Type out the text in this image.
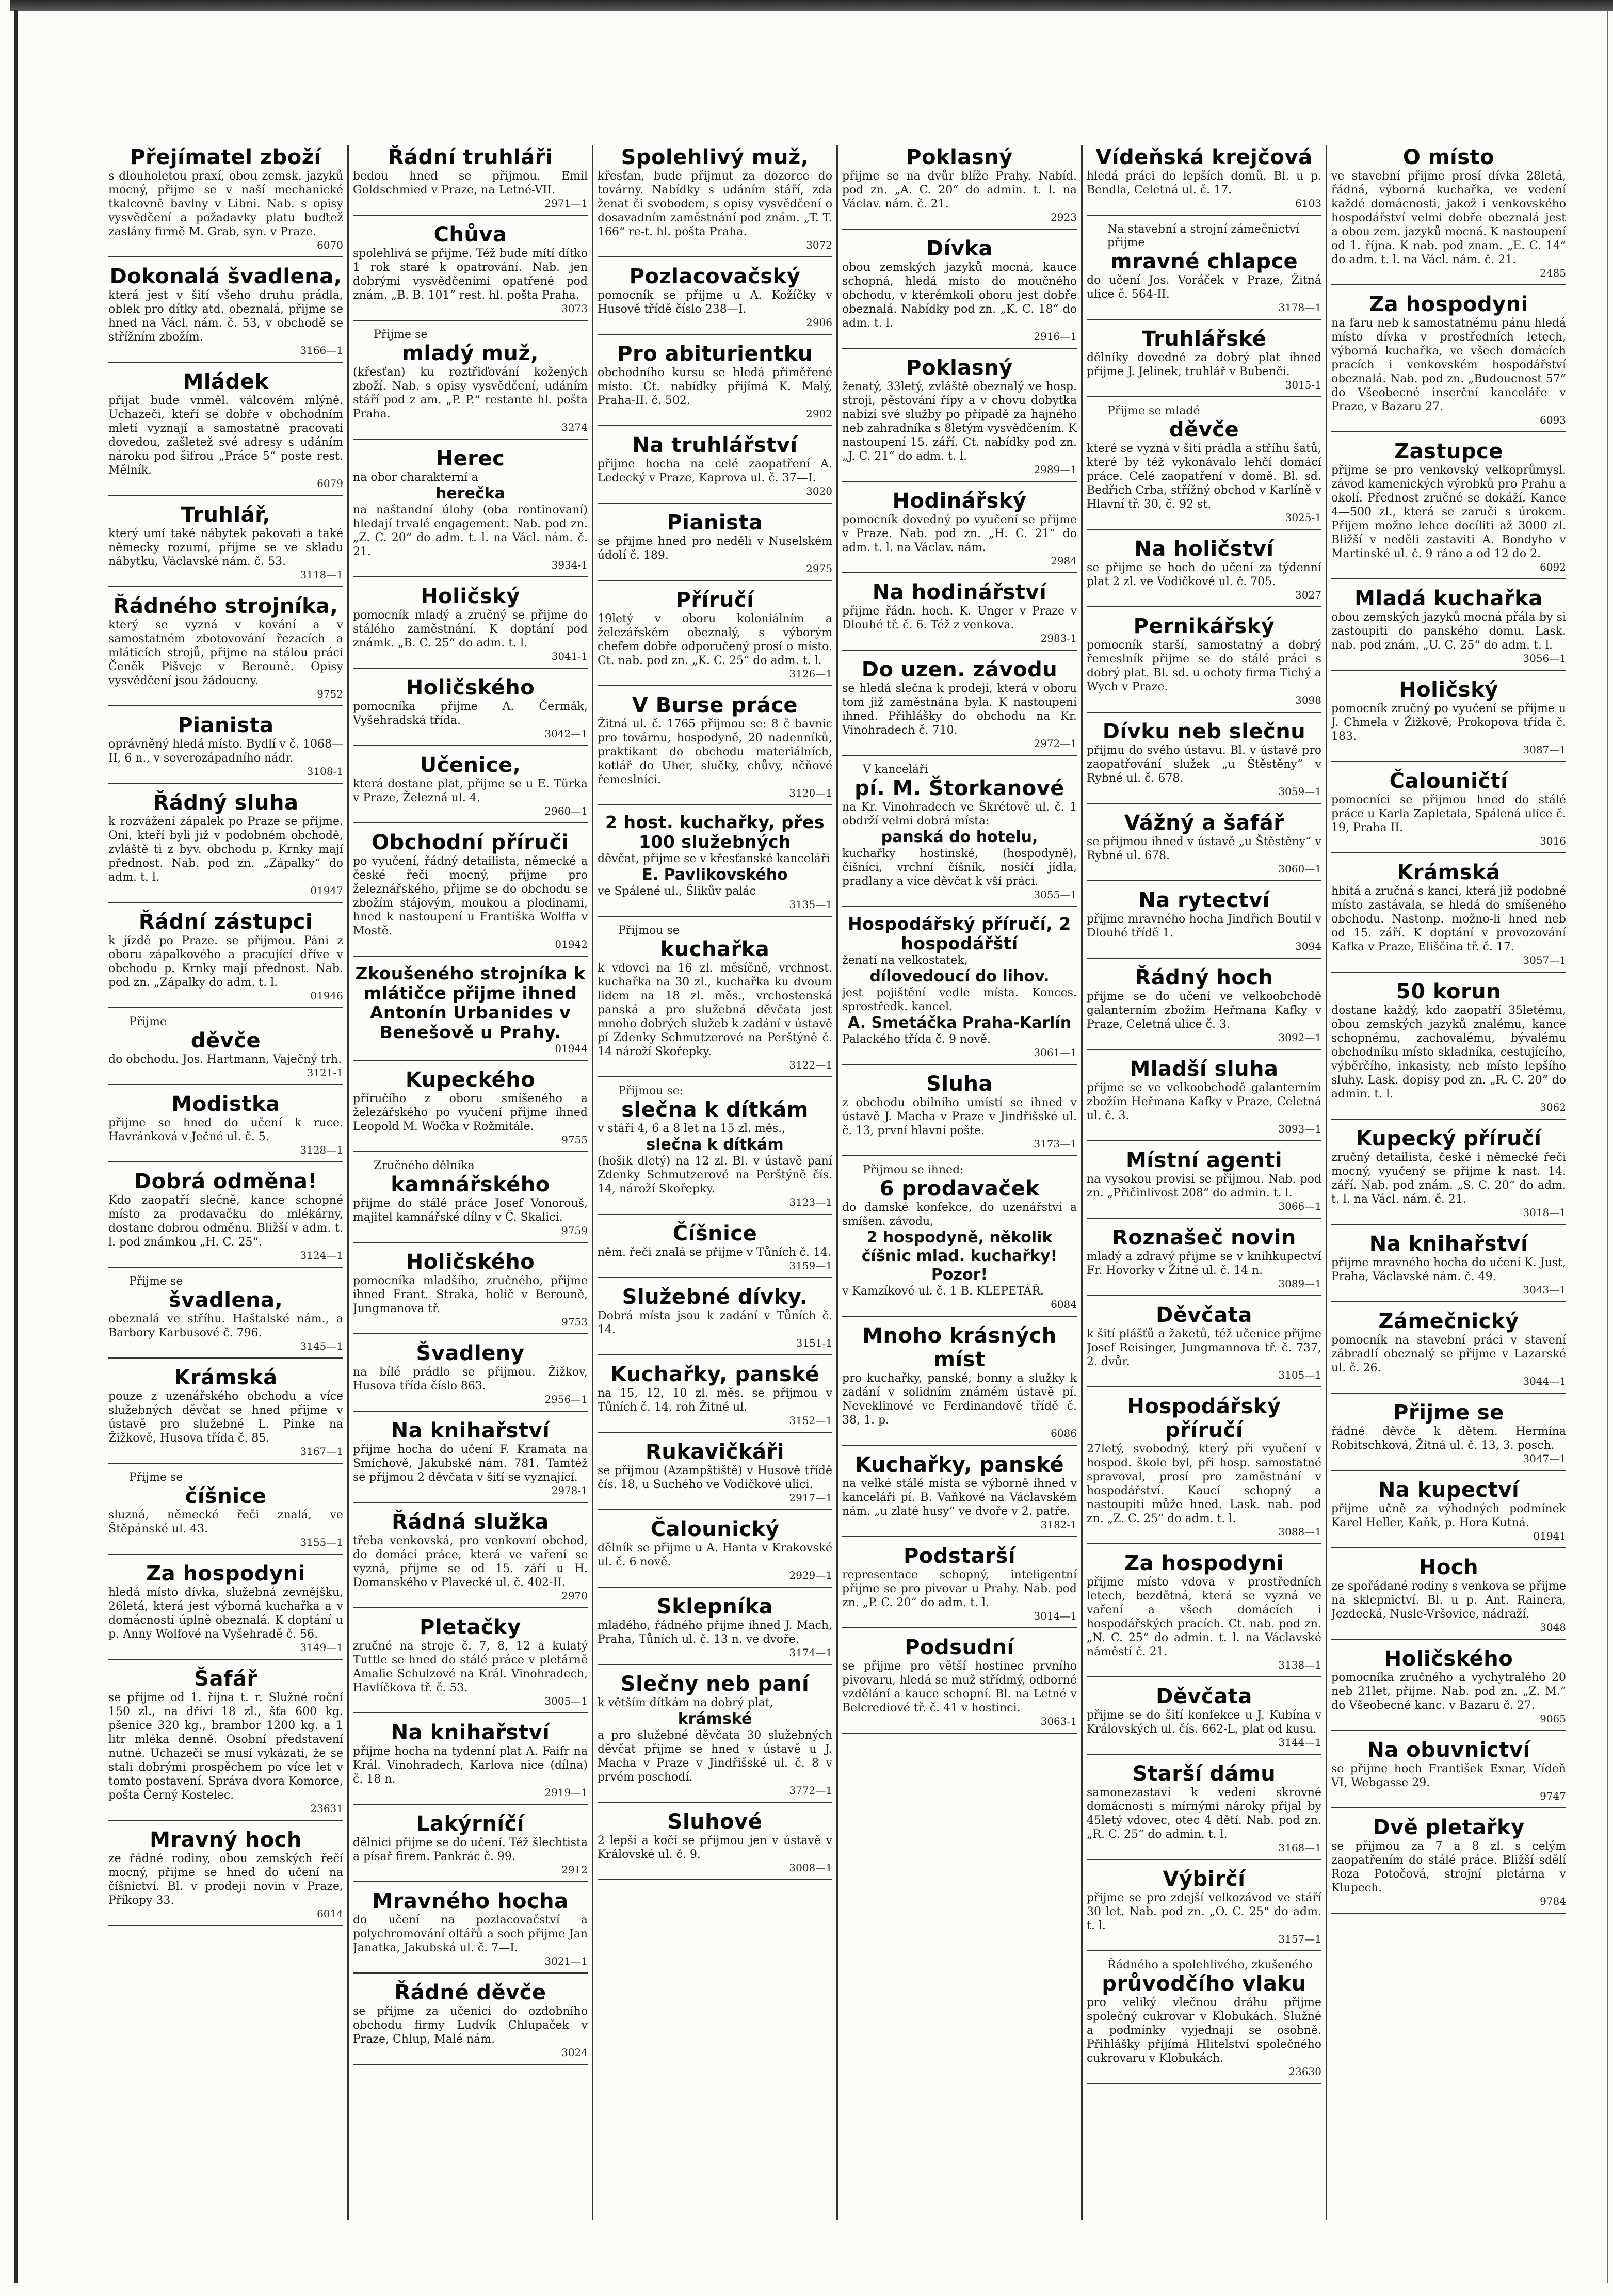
Přejímatel zboží
s dlouholetou praxí, obou zemsk. jazyků mocný, přijme se v naší mechanické tkalcovně bavlny v Libni. Nab. s opisy vysvědčení a požadavky platu buďtež zaslány firmě M. Grab, syn. v Praze.
6070
Dokonalá švadlena,
která jest v šití všeho druhu prádla, oblek pro dítky atd. obeznalá, přijme se hned na Václ. nám. č. 53, v obchodě se střížním zbožím.
3166—1
Mládek
přijat bude vnměl. válcovém mlýně. Uchazeči, kteří se dobře v obchodním mletí vyznají a samostatně pracovati dovedou, zašletež své adresy s udáním nároku pod šifrou „Práce 5“ poste rest. Mělník.
6079
Truhlář,
který umí také nábytek pakovati a také německy rozumí, přijme se ve skladu nábytku, Václavské nám. č. 53.
3118—1
Řádného strojníka,
který se vyzná v kování a v samostatném zbotovování řezacích a mláticích strojů, přijme na stálou práci Čeněk Pišvejc v Berouně. Opisy vysvědčení jsou žádoucny.
9752
Pianista
oprávněný hledá místo. Bydlí v č. 1068—II, 6 n., v severozápadního nádr.
3108-1
Řádný sluha
k rozvážení zápalek po Praze se přijme. Oni, kteří byli již v podobném obchodě, zvláště ti z byv. obchodu p. Krnky mají přednost. Nab. pod zn. „Zápalky“ do adm. t. l.
01947
Řádní zástupci
k jízdě po Praze. se přijmou. Páni z oboru zápalkového a pracující dříve v obchodu p. Krnky mají přednost. Nab. pod zn. „Zápalky do adm. t. l.
01946
Přijme
děvče
do obchodu. Jos. Hartmann, Vaječný trh.
3121-1
Modistka
přijme se hned do učení k ruce. Havránková v Ječné ul. č. 5.
3128—1
Dobrá odměna!
Kdo zaopatří slečně, kance schopné místo za prodavačku do mlékárny, dostane dobrou odměnu. Bližší v adm. t. l. pod známkou „H. C. 25“.
3124—1
Přijme se
švadlena,
obeznalá ve stříhu. Haštalské nám., a Barbory Karbusové č. 796.
3145—1
Krámská
pouze z uzenářského obchodu a více služebných děvčat se hned přijme v ústavě pro služebné L. Pinke na Žižkově, Husova třída č. 85.
3167—1
Přijme se
číšnice
sluzná, německé řeči znalá, ve Štěpánské ul. 43.
3155—1
Za hospodyni
hledá místo dívka, služebná zevnějšku, 26letá, která jest výborná kuchařka a v domácnosti úplně obeznalá. K doptání u p. Anny Wolfové na Vyšehradě č. 56.
3149—1
Šafář
se přijme od 1. října t. r. Služné roční 150 zl., na dříví 18 zl., šťa 600 kg. pšenice 320 kg., brambor 1200 kg. a 1 litr mléka denně. Osobní představení nutné. Uchazeči se musí vykázati, že se stali dobrými prospěchem po více let v tomto postavení. Správa dvora Komorce, pošta Černý Kostelec.
23631
Mravný hoch
ze řádné rodiny, obou zemských řečí mocný, přijme se hned do učení na číšnictví. Bl. v prodeji novin v Praze, Příkopy 33.
6014
Řádní truhláři
bedou hned se přijmou. Emil Goldschmied v Praze, na Letné-VII.
2971—1
Chůva
spolehlivá se přijme. Též bude mítí dítko 1 rok staré k opatrování. Nab. jen dobrými vysvědčeními opatřené pod znám. „B. B. 101“ rest. hl. pošta Praha.
3073
Přijme se
mladý muž,
(křesťan) ku roztřiďování kožených zboží. Nab. s opisy vysvědčení, udáním stáří pod z am. „P. P.“ restante hl. pošta Praha.
3274
Herec
na obor charakterní a
herečka
na naštandní úlohy (oba rontinovaní) hledají trvalé engagement. Nab. pod zn. „Z. C. 20“ do adm. t. l. na Václ. nám. č. 21.
3934-1
Holičský
pomocník mladý a zručný se přijme do stálého zaměstnání. K doptání pod známk. „B. C. 25“ do adm. t. l.
3041-1
Holičského
pomocníka přijme A. Čermák, Vyšehradská třída.
3042—1
Učenice,
která dostane plat, přijme se u E. Türka v Praze, Železná ul. 4.
2960—1
Obchodní příruči
po vyučení, řádný detailista, německé a české řeči mocný, přijme pro železnářského, přijme se do obchodu se zbožím stájovým, moukou a plodinami, hned k nastoupení u Františka Wolffa v Mostě.
01942
Zkoušeného strojníka k mlátičce přijme ihned Antonín Urbanides v Benešově u Prahy.
01944
Kupeckého
příručího z oboru smíšeného a železářského po vyučení přijme ihned Leopold M. Wočka v Rožmitále.
9755
Zručného dělníka
kamnářského
přijme do stálé práce Josef Vonorouš, majitel kamnářské dílny v Č. Skalici.
9759
Holičského
pomocníka mladšího, zručného, přijme ihned Frant. Straka, holič v Berouně, Jungmanova tř.
9753
Švadleny
na bílé prádlo se přijmou. Žižkov, Husova třída číslo 863.
2956—1
Na knihařství
přijme hocha do učení F. Kramata na Smíchově, Jakubské nám. 781. Tamtéž se přijmou 2 děvčata v šití se vyznající.
2978-1
Řádná služka
třeba venkovská, pro venkovní obchod, do domácí práce, která ve vaření se vyzná, přijme se od 15. září u H. Domanského v Plavecké ul. č. 402-II.
2970
Pletačky
zručné na stroje č. 7, 8, 12 a kulatý Tuttle se hned do stálé práce v pletárně Amalie Schulzové na Král. Vinohradech, Havlíčkova tř. č. 53.
3005—1
Na knihařství
přijme hocha na tydenní plat A. Faifr na Král. Vinohradech, Karlova nice (dílna) č. 18 n.
2919—1
Lakýrníčí
dělnici přijme se do učení. Též šlechtista a písař firem. Pankrác č. 99.
2912
Mravného hocha
do učení na pozlacovačství a polychromování oltářů a soch přijme Jan Janatka, Jakubská ul. č. 7—I.
3021—1
Řádné děvče
se přijme za učenici do ozdobního obchodu firmy Ludvík Chlupaček v Praze, Chlup, Malé nám.
3024
Spolehlivý muž,
křesťan, bude přijmut za dozorce do továrny. Nabídky s udáním stáří, zda ženat či svobodem, s opisy vysvědčení o dosavadním zaměstnání pod znám. „T. T. 166“ re-t. hl. pošta Praha.
3072
Pozlacovačský
pomocník se přijme u A. Kožíčky v Husově třídě číslo 238—I.
2906
Pro abiturientku
obchodního kursu se hledá přiměřené místo. Ct. nabídky přijímá K. Malý, Praha-II. č. 502.
2902
Na truhlářství
přijme hocha na celé zaopatření A. Ledecký v Praze, Kaprova ul. č. 37—I.
3020
Pianista
se přijme hned pro neděli v Nuselském údolí č. 189.
2975
Příručí
19letý v oboru koloniálním a železářském obeznalý, s výborým chefem dobře odporučený prosí o místo. Ct. nab. pod zn. „K. C. 25“ do adm. t. l.
3126—1
V Burse práce
Žitná ul. č. 1765 přijmou se: 8 č bavnic pro továrnu, hospodyně, 20 nadenníků, praktikant do obchodu materiálních, kotlář do Uher, slučky, chůvy, nčňové řemeslníci.
3120—1
2 host. kuchařky, přes 100 služebných
děvčat, přijme se v křesťanské kanceláři
E. Pavlikovského
ve Spálené ul., Šlikův palác
3135—1
Přijmou se
kuchařka
k vdovci na 16 zl. měsíčně, vrchnost. kuchařka na 30 zl., kuchařka ku dvoum lidem na 18 zl. měs., vrchostenská panská a pro služebná děvčata jest mnoho dobrých služeb k zadání v ústavě pí Zdenky Schmutzerové na Perštýně č. 14 nároží Skořepky.
3122—1
Přijmou se:
slečna k dítkám
v stáří 4, 6 a 8 let na 15 zl. měs.,
slečna k dítkám
(hošik dletý) na 12 zl. Bl. v ústavě paní Zdenky Schmutzerové na Perštýně čís. 14, nároží Skořepky.
3123—1
Číšnice
něm. řeči znalá se přijme v Tůních č. 14.
3159—1
Služebné dívky.
Dobrá místa jsou k zadání v Tůních č. 14.
3151-1
Kuchařky, panské
na 15, 12, 10 zl. měs. se přijmou v Tůních č. 14, roh Žitné ul.
3152—1
Rukavičkáři
se přijmou (Azampštiště) v Husově třídě čís. 18, u Suchého ve Vodičkové ulici.
2917—1
Čalounický
dělník se přijme u A. Hanta v Krakovské ul. č. 6 nově.
2929—1
Sklepníka
mladého, řádného přijme ihned J. Mach, Praha, Tůních ul. č. 13 n. ve dvoře.
3174—1
Slečny neb paní
k větším dítkám na dobrý plat,
krámské
a pro služebné děvčata 30 služebných děvčat přijme se hned v ústavě u J. Macha v Praze v Jindřišské ul. č. 8 v prvém poschodí.
3772—1
Sluhové
2 lepší a kočí se přijmou jen v ústavě v Královské ul. č. 9.
3008—1
Poklasný
přijme se na dvůr blíže Prahy. Nabíd. pod zn. „A. C. 20“ do admin. t. l. na Václav. nám. č. 21.
2923
Dívka
obou zemských jazyků mocná, kauce schopná, hledá místo do moučného obchodu, v kterémkoli oboru jest dobře obeznalá. Nabídky pod zn. „K. C. 18“ do adm. t. l.
2916—1
Poklasný
ženatý, 33letý, zvláště obeznalý ve hosp. stroji, pěstování řípy a v chovu dobytka nabízí své služby po případě za hajného neb zahradníka s 8letým vysvědčením. K nastoupení 15. září. Ct. nabídky pod zn. „J. C. 21“ do adm. t. l.
2989—1
Hodinářský
pomocník dovedný po vyučení se přijme v Praze. Nab. pod zn. „H. C. 21“ do adm. t. l. na Václav. nám.
2984
Na hodinářství
přijme řádn. hoch. K. Unger v Praze v Dlouhé tř. č. 6. Též z venkova.
2983-1
Do uzen. závodu
se hledá slečna k prodeji, která v oboru tom již zaměstnána byla. K nastoupení ihned. Přihlášky do obchodu na Kr. Vinohradech č. 710.
2972—1
V kanceláři
pí. M. Štorkanové
na Kr. Vinohradech ve Škrétově ul. č. 1 obdrží velmi dobrá místa:
panská do hotelu,
kuchařky hostinské, (hospodyně), číšníci, vrchní číšník, nosíčí jídla, pradlany a více děvčat k vší práci.
3055—1
Hospodářský příručí, 2 hospodářští
ženatí na velkostatek,
dílovedoucí do lihov.
jest pojištění vedle místa. Konces. sprostředk. kancel.
A. Smetáčka Praha-Karlín
Palackého třída č. 9 nově.
3061—1
Sluha
z obchodu obilního umístí se ihned v ústavě J. Macha v Praze v Jindřišské ul. č. 13, první hlavní pošte.
3173—1
Přijmou se ihned:
6 prodavaček
do damské konfekce, do uzenářství a smíšen. závodu,
2 hospodyně, několik číšnic mlad. kuchařky! Pozor!
v Kamzíkové ul. č. 1 B. KLEPETÁŘ.
6084
Mnoho krásných míst
pro kuchařky, panské, bonny a služky k zadání v solidním známém ústavě pí. Neveklinové ve Ferdinandově třídě č. 38, 1. p.
6086
Kuchařky, panské
na velké stálé místa se výborně ihned v kanceláři pí. B. Vaňkové na Václavském nám. „u zlaté husy“ ve dvoře v 2. patře.
3182-1
Podstarší
representace schopný, inteligentní přijme se pro pivovar u Prahy. Nab. pod zn. „P. C. 20“ do adm. t. l.
3014—1
Podsudní
se přijme pro větší hostinec prvního pivovaru, hledá se muž střídmý, odborné vzdělání a kauce schopní. Bl. na Letné v Belcrediové tř. č. 41 v hostinci.
3063-1
Vídeňská krejčová
hledá práci do lepších domů. Bl. u p. Bendla, Celetná ul. č. 17.
6103
Na stavební a strojní zámečnictví přijme
mravné chlapce
do učení Jos. Voráček v Praze, Žitná ulice č. 564-II.
3178—1
Truhlářské
dělníky dovedné za dobrý plat ihned přijme J. Jelínek, truhlář v Bubenči.
3015-1
Přijme se mladé
děvče
které se vyzná v šití prádla a stříhu šatů, které by též vykonávalo lehčí domácí práce. Celé zaopatření v domě. Bl. sd. Bedřich Crba, střížný obchod v Karlíně v Hlavní tř. 30, č. 92 st.
3025-1
Na holičství
se přijme se hoch do učení za týdenní plat 2 zl. ve Vodičkové ul. č. 705.
3027
Pernikářský
pomocník starší, samostatný a dobrý řemeslník přijme se do stálé práci s dobrý plat. Bl. sd. u ochoty firma Tichý a Wych v Praze.
3098
Dívku neb slečnu
přijmu do svého ústavu. Bl. v ústavě pro zaopatřování služek „u Štěstěny“ v Rybné ul. č. 678.
3059—1
Vážný a šafář
se přijmou ihned v ústavě „u Štěstěny“ v Rybné ul. 678.
3060—1
Na rytectví
přijme mravného hocha Jindřich Boutil v Dlouhé třídě 1.
3094
Řádný hoch
přijme se do učení ve velkoobchodě galanterním zbožím Heřmana Kafky v Praze, Celetná ulice č. 3.
3092—1
Mladší sluha
přijme se ve velkoobchodě galanterním zbožím Heřmana Kafky v Praze, Celetná ul. č. 3.
3093—1
Místní agenti
na vysokou provisi se přijmou. Nab. pod zn. „Přičinlivost 208“ do admin. t. l.
3066—1
Roznašeč novin
mladý a zdravý přijme se v knihkupectví Fr. Hovorky v Žitné ul. č. 14 n.
3089—1
Děvčata
k šití plášťů a žaketů, též učenice přijme Josef Reisinger, Jungmannova tř. č. 737, 2. dvůr.
3105—1
Hospodářský příručí
27letý, svobodný, který při vyučení v hospod. škole byl, při hosp. samostatné spravoval, prosí pro zaměstnání v hospodářství. Kaucí schopný a nastoupiti může hned. Lask. nab. pod zn. „Z. C. 25“ do adm. t. l.
3088—1
Za hospodyni
přijme místo vdova v prostředních letech, bezdětná, která se vyzná ve vaření a všech domácích i hospodářských pracích. Ct. nab. pod zn. „N. C. 25“ do admin. t. l. na Václavské náměstí č. 21.
3138—1
Děvčata
přijme se do šití konfekce u J. Kubína v Královských ul. čís. 662-L, plat od kusu.
3144—1
Starší dámu
samonezastaví k vedení skrovné domácnosti s mírnými nároky přijal by 45letý vdovec, otec 4 dětí. Nab. pod zn. „R. C. 25“ do admin. t. l.
3168—1
Výbirčí
přijme se pro zdejší velkozávod ve stáří 30 let. Nab. pod zn. „O. C. 25“ do adm. t. l.
3157—1
Řádného a spolehlivého, zkušeného
průvodčího vlaku
pro veliký vlečnou dráhu přijme společný cukrovar v Klobukách. Služné a podmínky vyjednají se osobně. Přihlášky přijímá Hlitelství společného cukrovaru v Klobukách.
23630
O místo
ve stavební přijme prosí dívka 28letá, řádná, výborná kuchařka, ve vedení každé domácnosti, jakož i venkovského hospodářství velmi dobře obeznalá jest a obou zem. jazyků mocná. K nastoupení od 1. října. K nab. pod znam. „E. C. 14“ do adm. t. l. na Václ. nám. č. 21.
2485
Za hospodyni
na faru neb k samostatnému pánu hledá místo dívka v prostředních letech, výborná kuchařka, ve všech domácích pracích i venkovském hospodářství obeznalá. Nab. pod zn. „Budoucnost 57“ do Všeobecné inserční kanceláře v Praze, v Bazaru 27.
6093
Zastupce
přijme se pro venkovský velkoprůmysl. závod kamenických výrobků pro Prahu a okolí. Přednost zručné se dokáží. Kance 4—500 zl., která se zaruči s úrokem. Přijem možno lehce docíliti až 3000 zl. Bližší v neděli zastaviti A. Bondyho v Martinské ul. č. 9 ráno a od 12 do 2.
6092
Mladá kuchařka
obou zemských jazyků mocná přála by si zastoupiti do panského domu. Lask. nab. pod znám. „U. C. 25“ do adm. t. l.
3056—1
Holičský
pomocník zručný po vyučení se přijme u J. Chmela v Žižkově, Prokopova třída č. 183.
3087—1
Čalouničtí
pomocníci se přijmou hned do stálé práce u Karla Zapletala, Spálená ulice č. 19, Praha II.
3016
Krámská
hbitá a zručná s kanci, která již podobné místo zastávala, se hledá do smíšeného obchodu. Nastonp. možno-li hned neb od 15. září. K doptání v provozování Kafka v Praze, Eliščina tř. č. 17.
3057—1
50 korun
dostane každý, kdo zaopatří 35letému, obou zemských jazyků znalému, kance schopnému, zachovalému, bývalému obchodníku místo skladníka, cestujícího, výběrčího, inkasisty, neb místo lepšího sluhy. Lask. dopisy pod zn. „R. C. 20“ do admin. t. l.
3062
Kupecký příručí
zručný detailista, české i německé řeči mocný, vyučený se přijme k nast. 14. září. Nab. pod znám. „S. C. 20“ do adm. t. l. na Václ. nám. č. 21.
3018—1
Na knihařství
přijme mravného hocha do učení K. Just, Praha, Václavské nám. č. 49.
3043—1
Zámečnický
pomocník na stavební práci v stavení zábradlí obeznalý se přijme v Lazarské ul. č. 26.
3044—1
Přijme se
řádné děvče k dětem. Hermína Robitschková, Žitná ul. č. 13, 3. posch.
3047—1
Na kupectví
přijme učně za výhodných podmínek Karel Heller, Kaňk, p. Hora Kutná.
01941
Hoch
ze spořádané rodiny s venkova se přijme na sklepnictví. Bl. u p. Ant. Rainera, Jezdecká, Nusle-Vršovice, nádraží.
3048
Holičského
pomocníka zručného a vychytralého 20 neb 21let, přijme. Nab. pod zn. „Z. M.“ do Všeobecné kanc. v Bazaru č. 27.
9065
Na obuvnictví
se přijme hoch František Exnar, Vídeň VI, Webgasse 29.
9747
Dvě pletařky
se přijmou za 7 a 8 zl. s celým zaopatřením do stálé práce. Bližší sdělí Roza Potočová, strojní pletárna v Klupech.
9784
